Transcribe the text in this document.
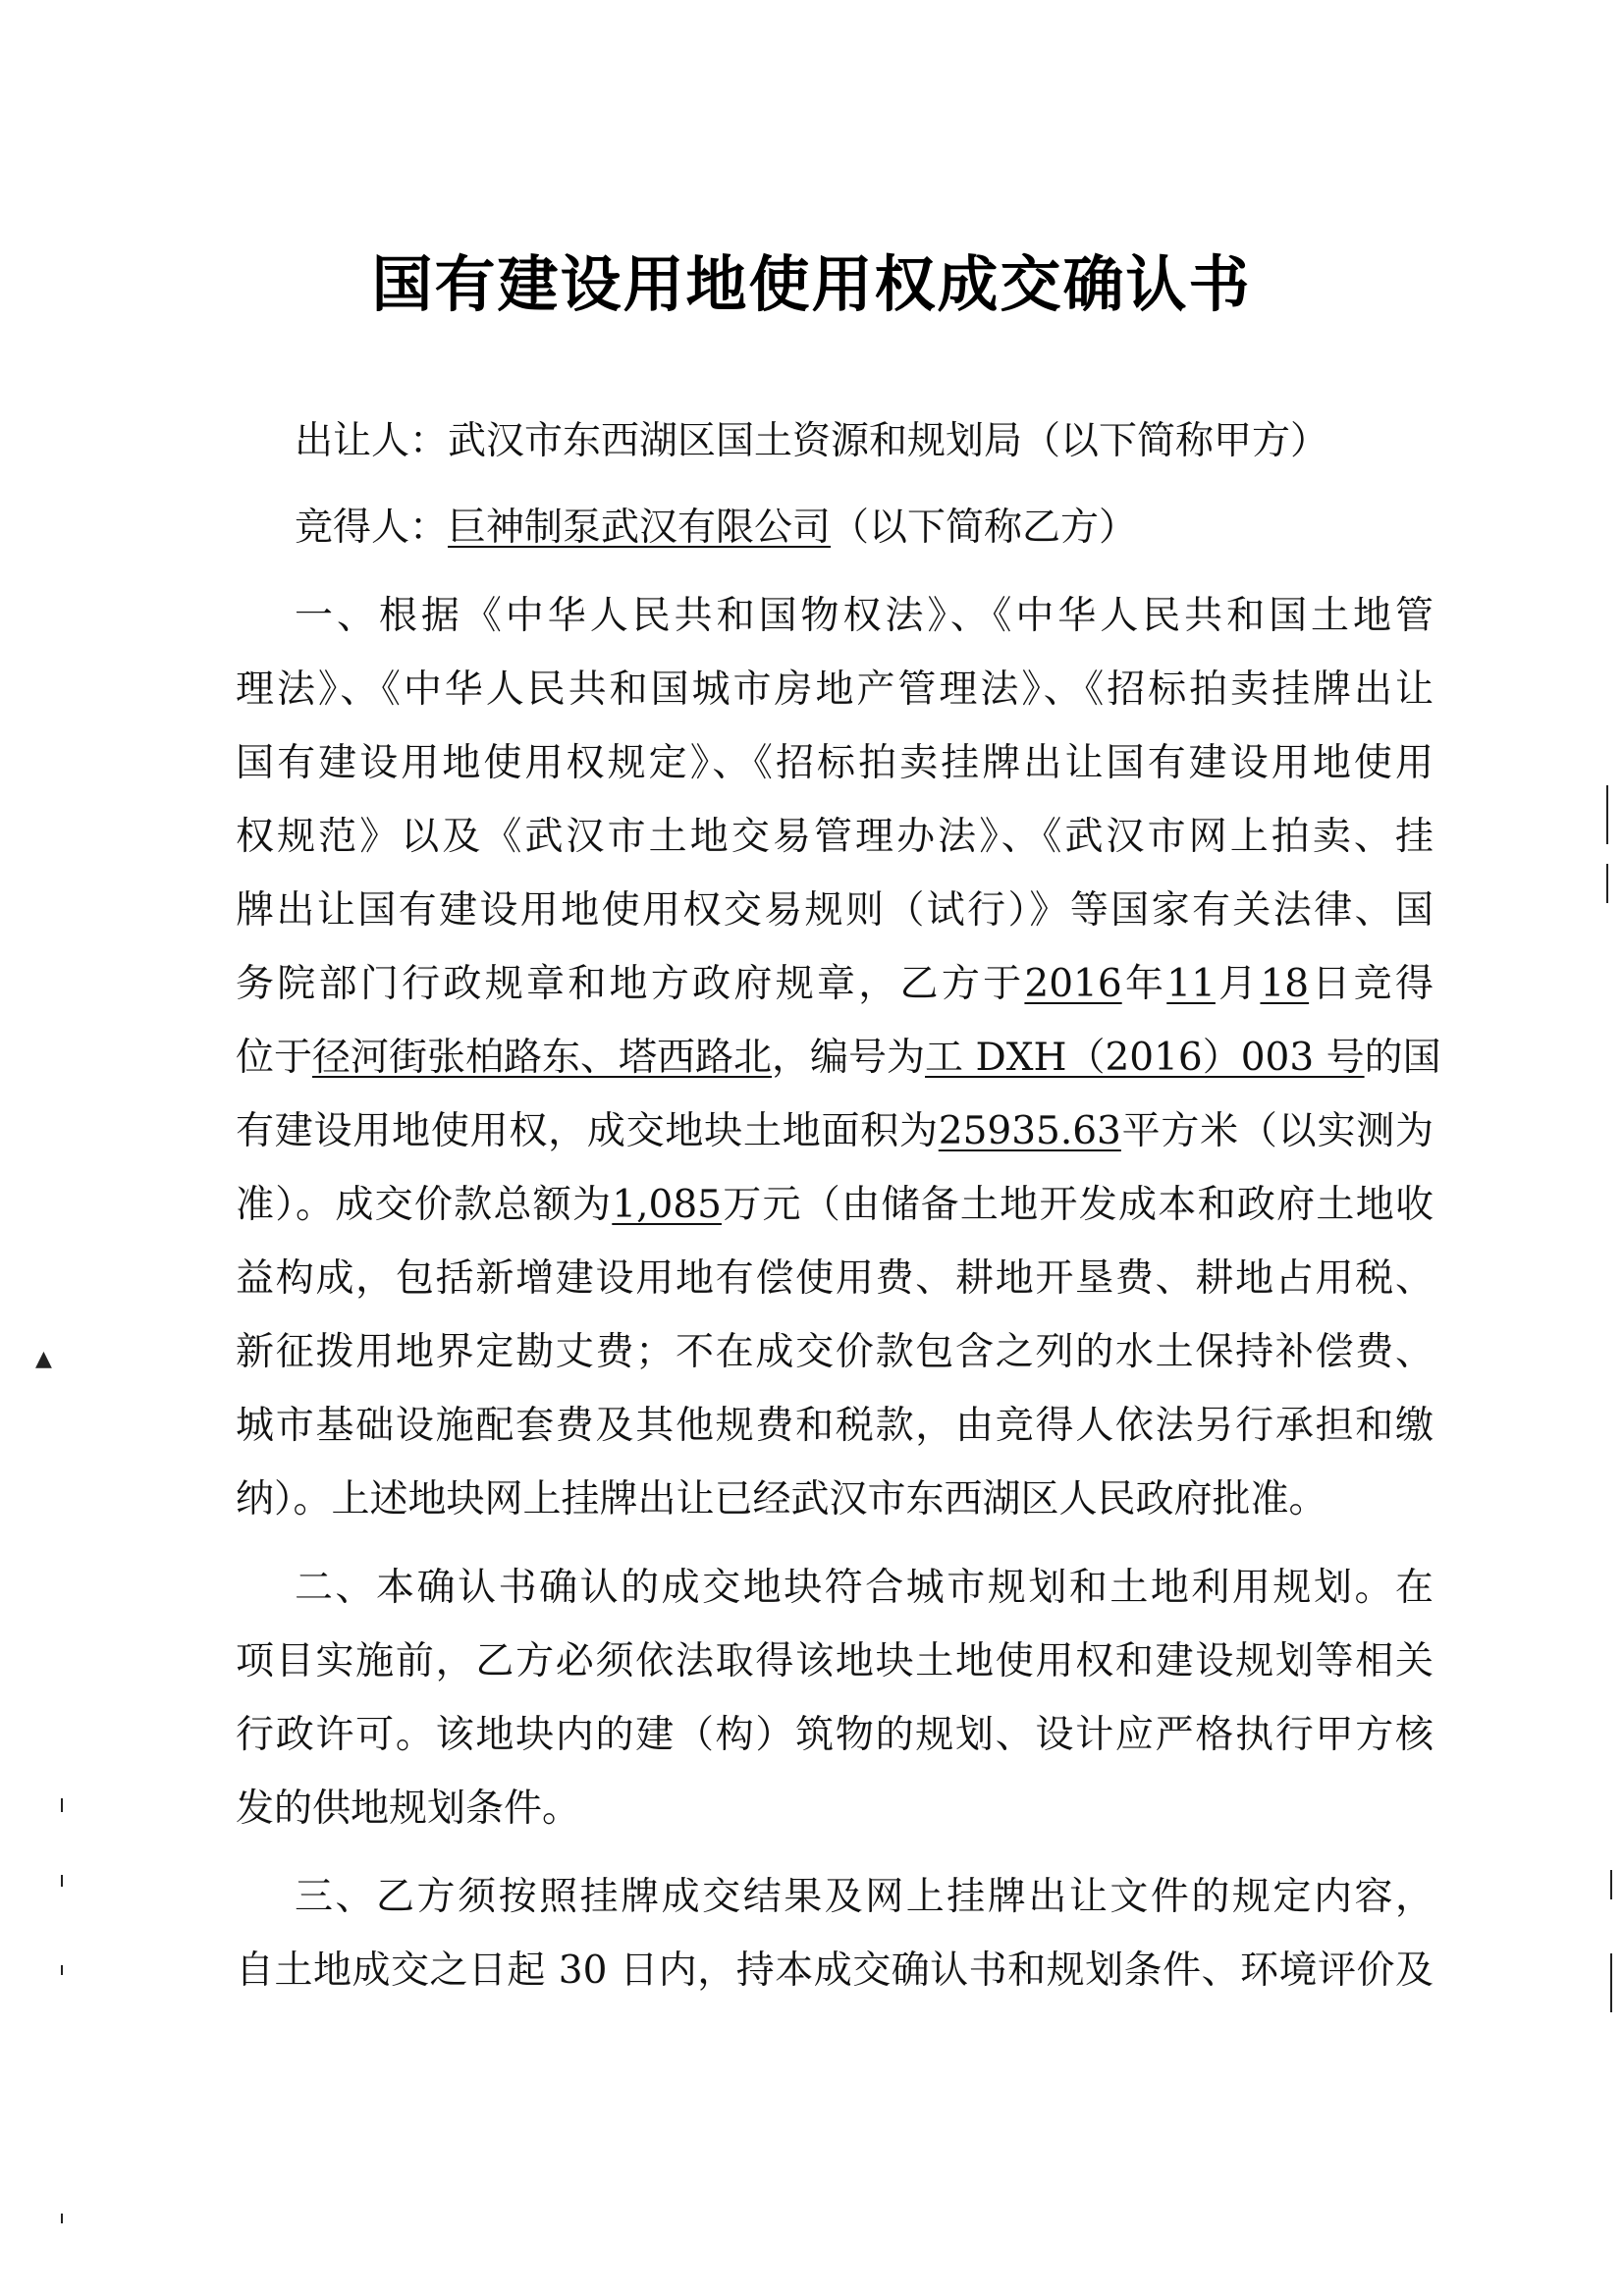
国有建设用地使用权成交确认书
出让人：武汉市东西湖区国土资源和规划局（以下简称甲方）
竞得人：巨神制泵武汉有限公司（以下简称乙方）
一、根据《中华人民共和国物权法》、《中华人民共和国土地管
理法》、《中华人民共和国城市房地产管理法》、《招标拍卖挂牌出让
国有建设用地使用权规定》、《招标拍卖挂牌出让国有建设用地使用
权规范》以及《武汉市土地交易管理办法》、《武汉市网上拍卖、挂
牌出让国有建设用地使用权交易规则（试行）》等国家有关法律、国
务院部门行政规章和地方政府规章，乙方于2016年11月18日竞得
位于径河街张柏路东、塔西路北，编号为工 DXH（2016）003 号的国
有建设用地使用权，成交地块土地面积为25935.63平方米（以实测为
准）。成交价款总额为1,085万元（由储备土地开发成本和政府土地收
益构成，包括新增建设用地有偿使用费、耕地开垦费、耕地占用税、
新征拨用地界定勘丈费；不在成交价款包含之列的水土保持补偿费、
城市基础设施配套费及其他规费和税款，由竞得人依法另行承担和缴
纳）。上述地块网上挂牌出让已经武汉市东西湖区人民政府批准。
二、本确认书确认的成交地块符合城市规划和土地利用规划。在
项目实施前，乙方必须依法取得该地块土地使用权和建设规划等相关
行政许可。该地块内的建（构）筑物的规划、设计应严格执行甲方核
发的供地规划条件。
三、乙方须按照挂牌成交结果及网上挂牌出让文件的规定内容，
自土地成交之日起 30 日内，持本成交确认书和规划条件、环境评价及
▲
